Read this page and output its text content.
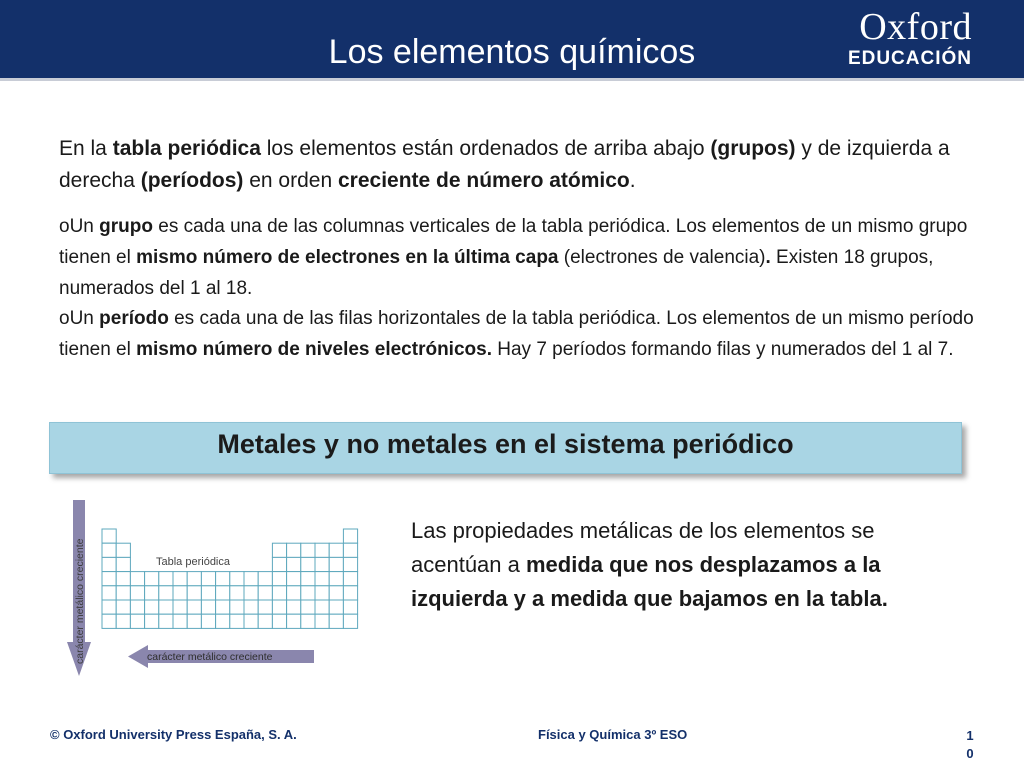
Los elementos químicos
Oxford
EDUCACIÓN

En la tabla periódica los elementos están ordenados de arriba abajo (grupos) y de izquierda a derecha (períodos) en orden creciente de número atómico.

oUn grupo es cada una de las columnas verticales de la tabla periódica. Los elementos de un mismo grupo tienen el mismo número de electrones en la última capa (electrones de valencia). Existen 18 grupos, numerados del 1 al 18.

oUn período es cada una de las filas horizontales de la tabla periódica. Los elementos de un mismo período tienen el mismo número de niveles electrónicos. Hay 7 períodos formando filas y numerados del 1 al 7.

Metales y no metales en el sistema periódico
Tabla periódica
carácter metálico creciente	carácter metálico creciente

Las propiedades metálicas de los elementos se acentúan a medida que nos desplazamos a la izquierda y a medida que bajamos en la tabla.

© Oxford University Press España, S. A.	Física y Química 3º ESO	10
